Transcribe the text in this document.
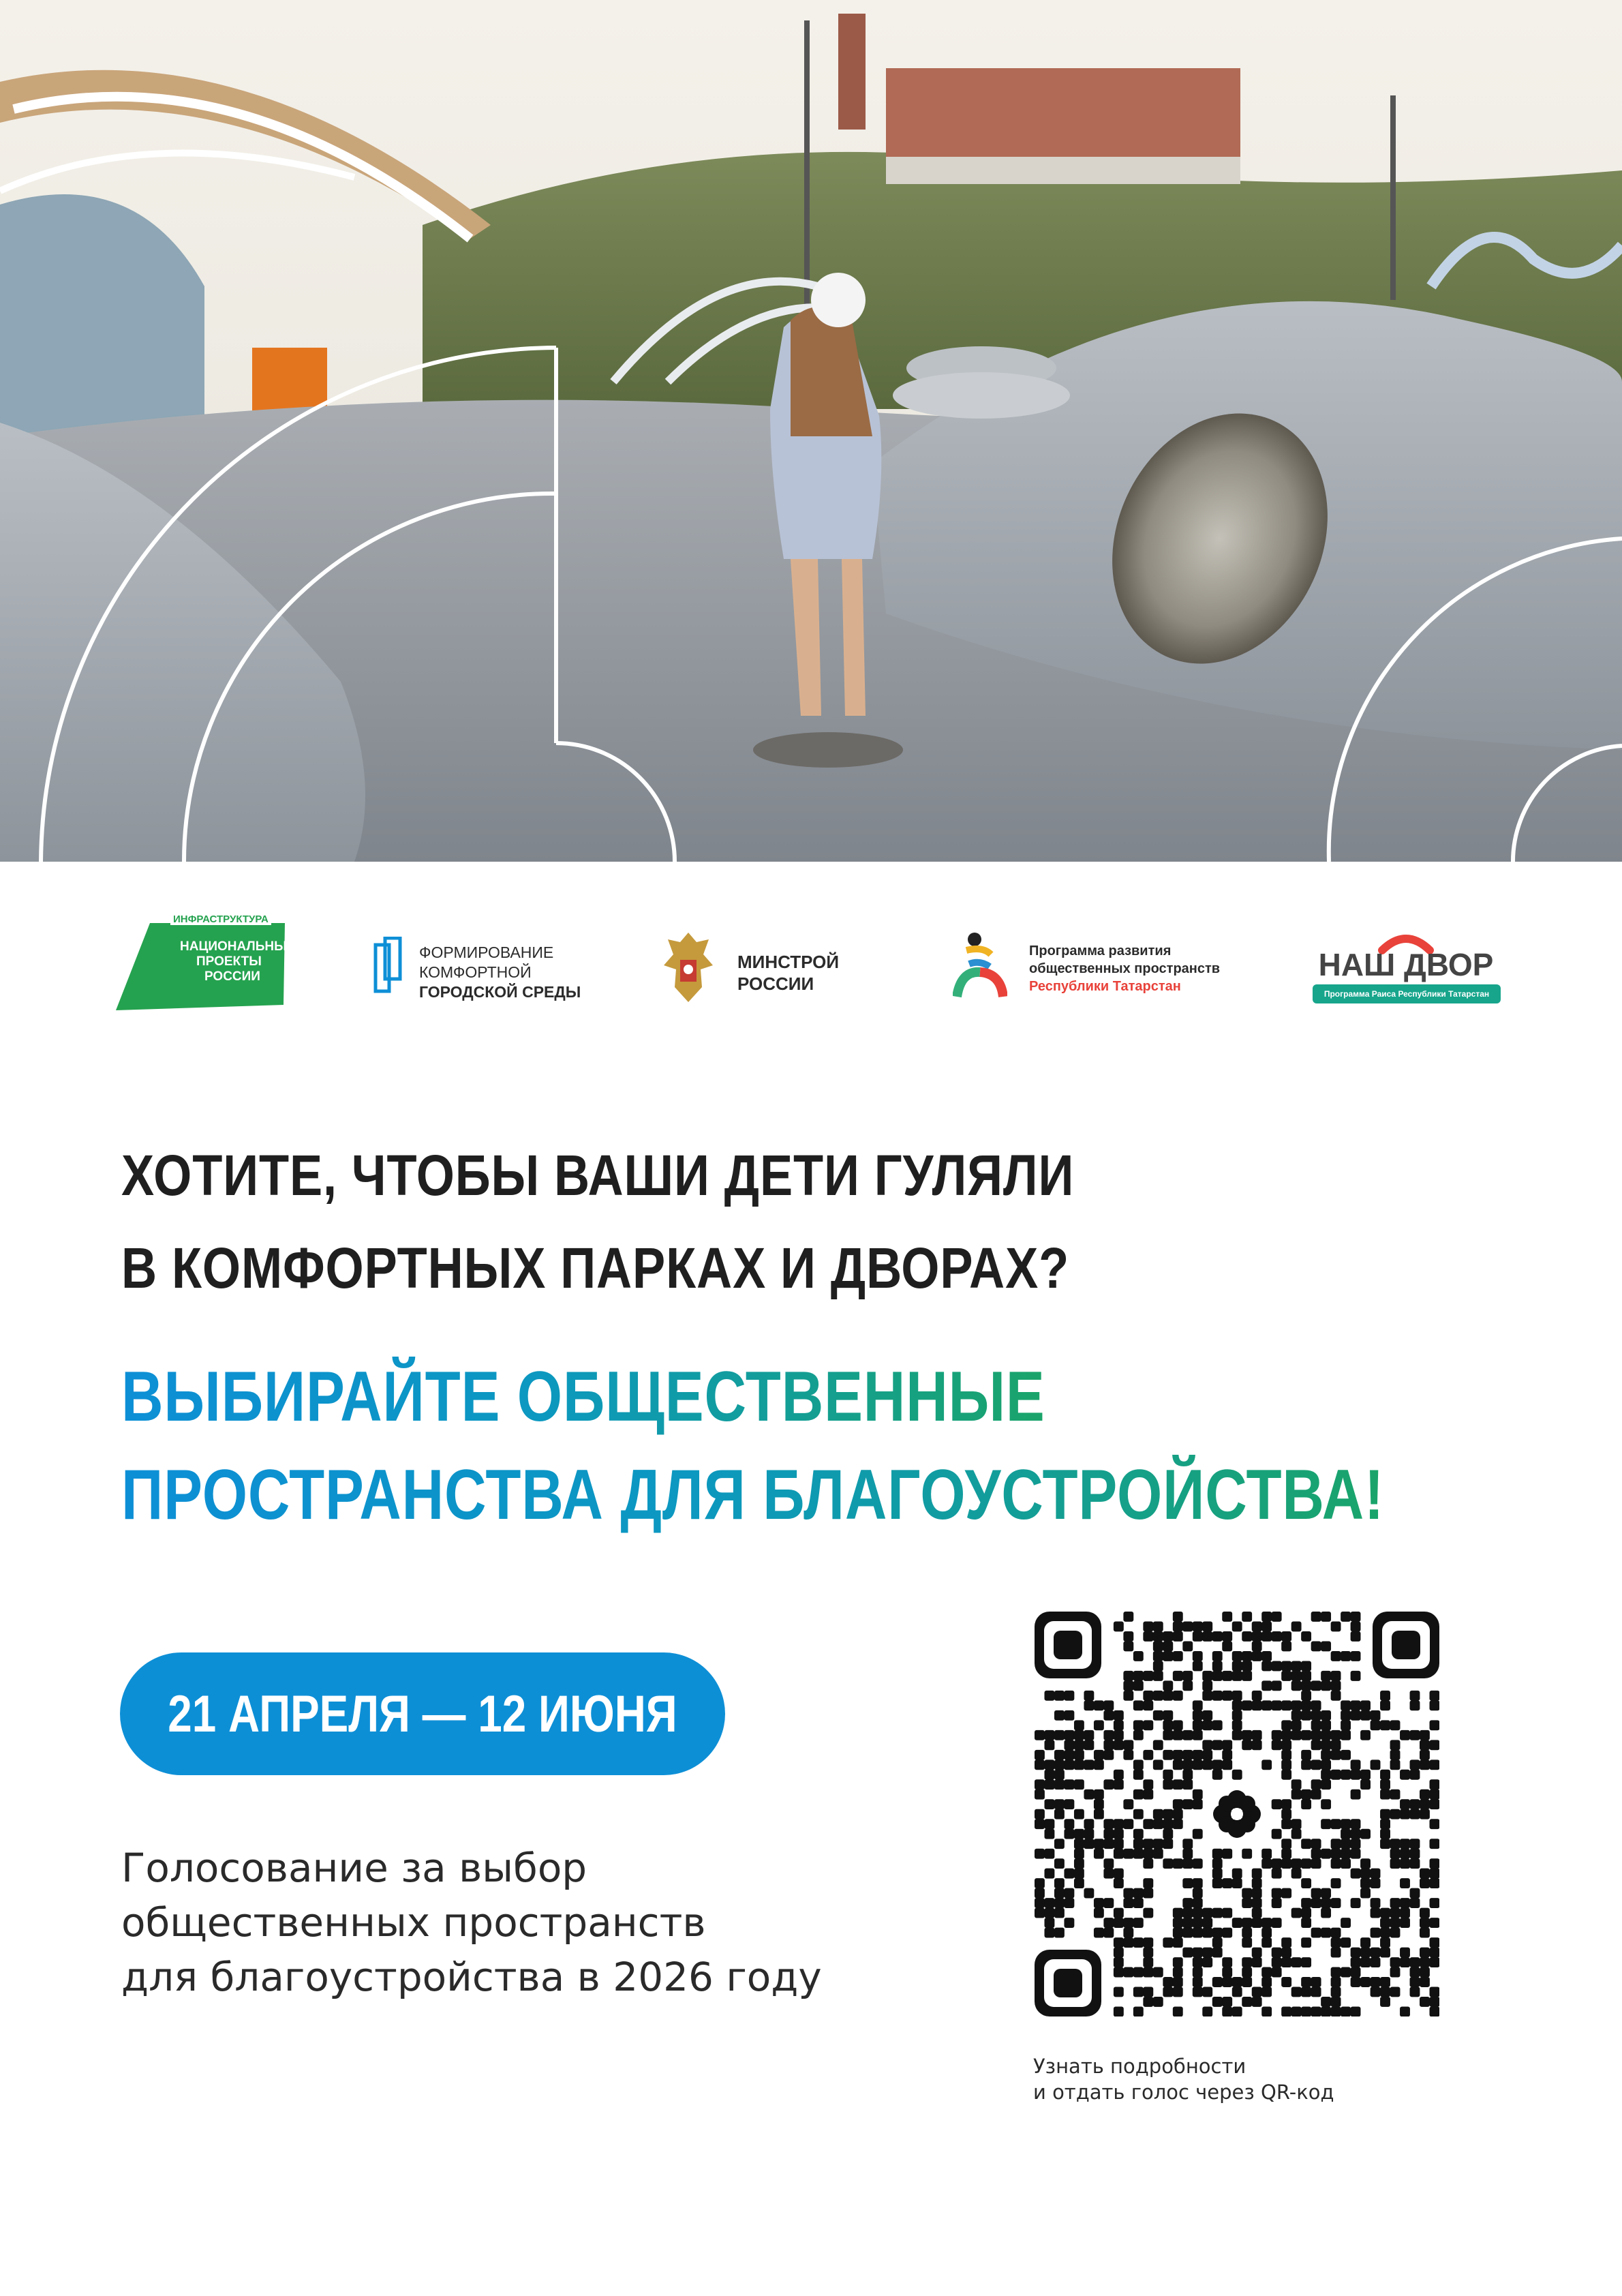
ИНФРАСТРУКТУРА
НАЦИОНАЛЬНЫЕ
ПРОЕКТЫ
РОССИИ
ФОРМИРОВАНИЕ
КОМФОРТНОЙ
ГОРОДСКОЙ СРЕДЫ
МИНСТРОЙ
РОССИИ
Программа развития
общественных пространств
Республики Татарстан
НАШ ДВОР
Программа Раиса Республики Татарстан
ХОТИТЕ, ЧТОБЫ ВАШИ ДЕТИ ГУЛЯЛИ
В КОМФОРТНЫХ ПАРКАХ И ДВОРАХ?
ВЫБИРАЙТЕ ОБЩЕСТВЕННЫЕ
ПРОСТРАНСТВА ДЛЯ БЛАГОУСТРОЙСТВА!
21 АПРЕЛЯ — 12 ИЮНЯ
Голосование за выбор
общественных пространств
для благоустройства в 2026 году
Узнать подробности
и отдать голос через QR-код
